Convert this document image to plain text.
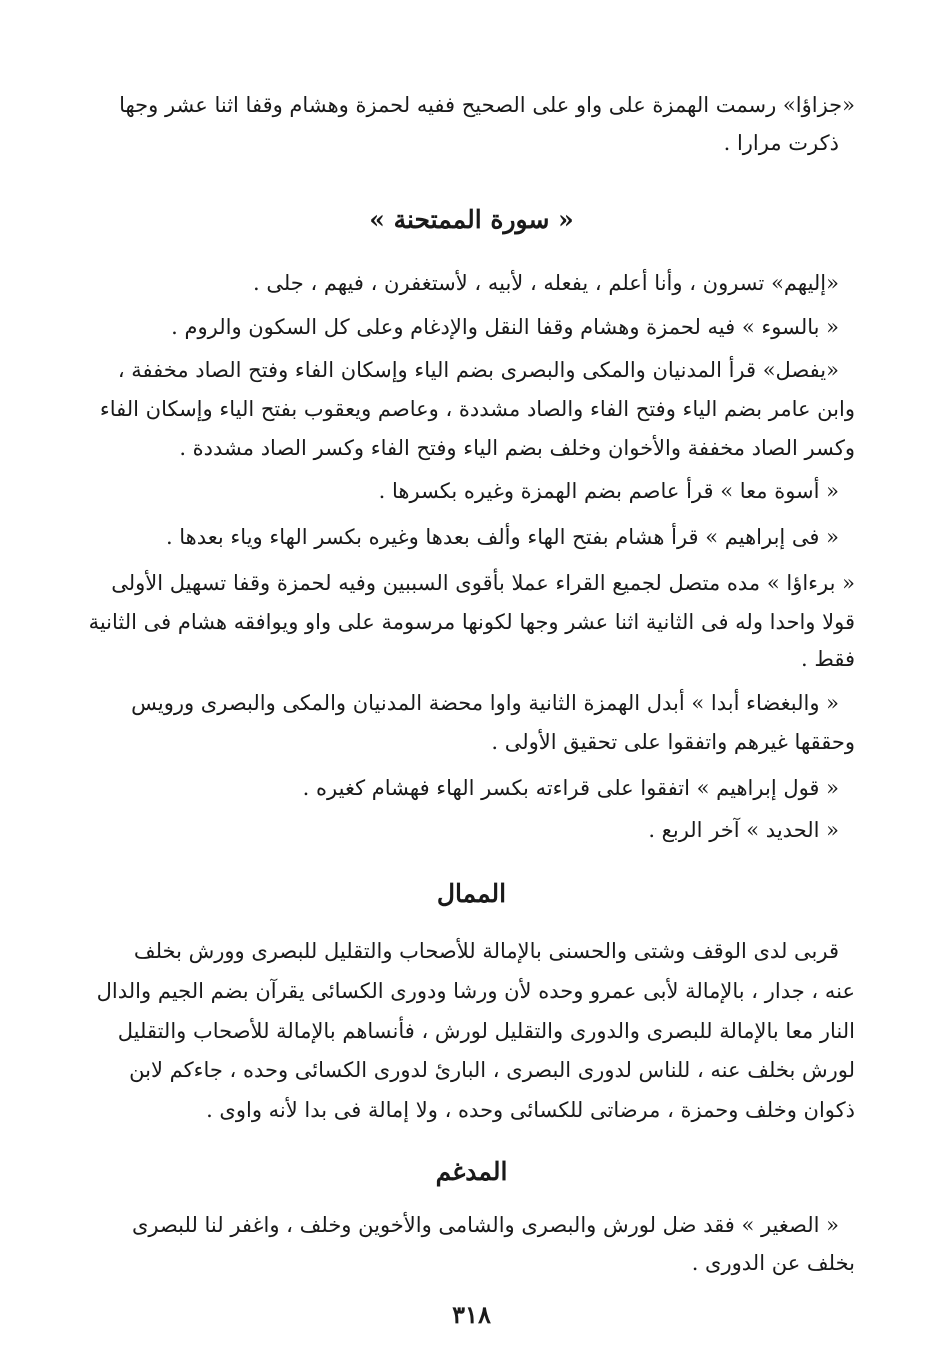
«جزاؤا» رسمت الهمزة على واو على الصحيح ففيه لحمزة وهشام وقفا اثنا عشر وجها
ذكرت مرارا .
« سورة الممتحنة »
«إليهم» تسرون ، وأنا أعلم ، يفعله ، لأبيه ، لأستغفرن ، فيهم ، جلى .
« بالسوء » فيه لحمزة وهشام وقفا النقل والإدغام وعلى كل السكون والروم .
«يفصل» قرأ المدنيان والمكى والبصرى بضم الياء وإسكان الفاء وفتح الصاد مخففة ،
وابن عامر بضم الياء وفتح الفاء والصاد مشددة ، وعاصم ويعقوب بفتح الياء وإسكان الفاء
وكسر الصاد مخففة والأخوان وخلف بضم الياء وفتح الفاء وكسر الصاد مشددة .
« أسوة معا » قرأ عاصم بضم الهمزة وغيره بكسرها .
« فى إبراهيم » قرأ هشام بفتح الهاء وألف بعدها وغيره بكسر الهاء وياء بعدها .
« برءاؤا » مده متصل لجميع القراء عملا بأقوى السببين وفيه لحمزة وقفا تسهيل الأولى
قولا واحدا وله فى الثانية اثنا عشر وجها لكونها مرسومة على واو ويوافقه هشام فى الثانية
فقط .
« والبغضاء أبدا » أبدل الهمزة الثانية واوا محضة المدنيان والمكى والبصرى ورويس
وحققها غيرهم واتفقوا على تحقيق الأولى .
« قول إبراهيم » اتفقوا على قراءته بكسر الهاء فهشام كغيره .
« الحديد » آخر الربع .
الممال
قربى لدى الوقف وشتى والحسنى بالإمالة للأصحاب والتقليل للبصرى وورش بخلف
عنه ، جدار ، بالإمالة لأبى عمرو وحده لأن ورشا ودورى الكسائى يقرآن بضم الجيم والدال
النار معا بالإمالة للبصرى والدورى والتقليل لورش ، فأنساهم بالإمالة للأصحاب والتقليل
لورش بخلف عنه ، للناس لدورى البصرى ، البارئ لدورى الكسائى وحده ، جاءكم لابن
ذكوان وخلف وحمزة ، مرضاتى للكسائى وحده ، ولا إمالة فى بدا لأنه واوى .
المدغم
« الصغير » فقد ضل لورش والبصرى والشامى والأخوين وخلف ، واغفر لنا للبصرى
بخلف عن الدورى .
٣١٨
